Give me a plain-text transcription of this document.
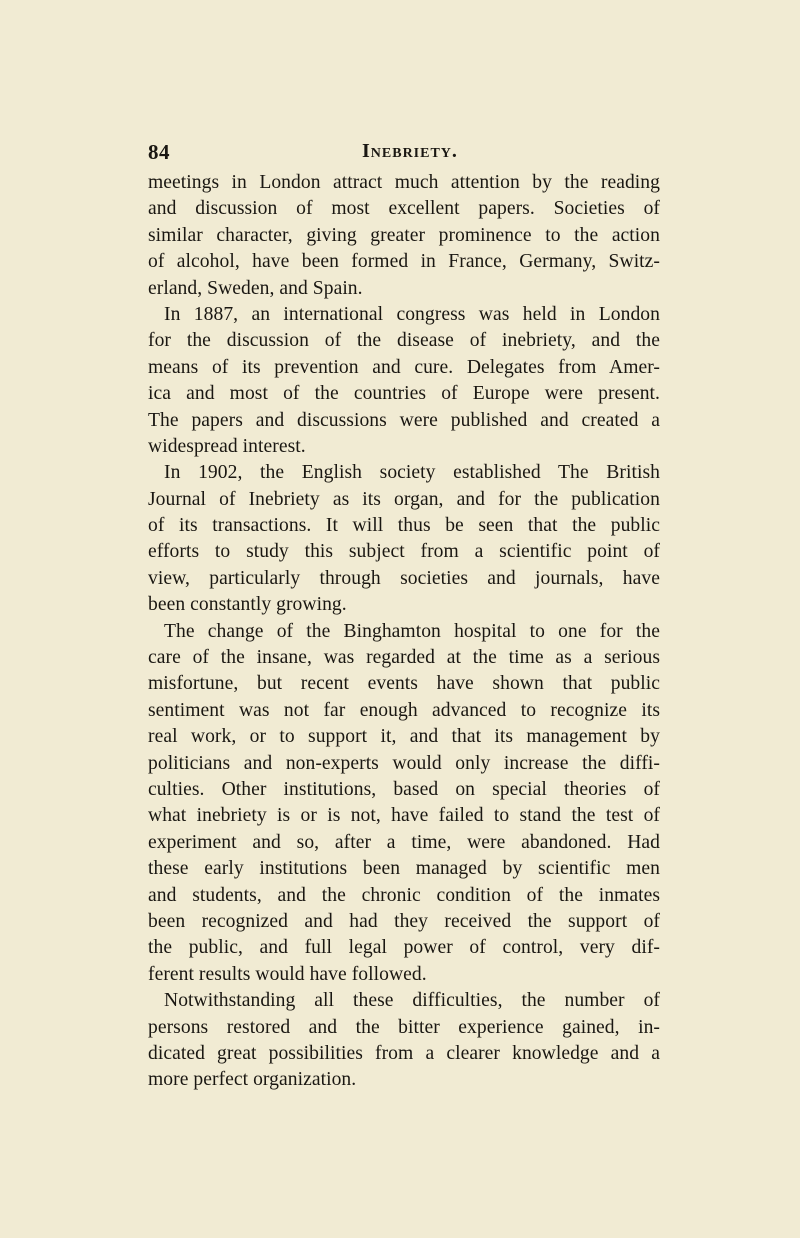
84	Inebriety.
meetings in London attract much attention by the reading
and discussion of most excellent papers. Societies of
similar character, giving greater prominence to the action
of alcohol, have been formed in France, Germany, Switz-
erland, Sweden, and Spain.
In 1887, an international congress was held in London
for the discussion of the disease of inebriety, and the
means of its prevention and cure. Delegates from Amer-
ica and most of the countries of Europe were present.
The papers and discussions were published and created a
widespread interest.
In 1902, the English society established The British
Journal of Inebriety as its organ, and for the publication
of its transactions. It will thus be seen that the public
efforts to study this subject from a scientific point of
view, particularly through societies and journals, have
been constantly growing.
The change of the Binghamton hospital to one for the
care of the insane, was regarded at the time as a serious
misfortune, but recent events have shown that public
sentiment was not far enough advanced to recognize its
real work, or to support it, and that its management by
politicians and non-experts would only increase the diffi-
culties. Other institutions, based on special theories of
what inebriety is or is not, have failed to stand the test of
experiment and so, after a time, were abandoned. Had
these early institutions been managed by scientific men
and students, and the chronic condition of the inmates
been recognized and had they received the support of
the public, and full legal power of control, very dif-
ferent results would have followed.
Notwithstanding all these difficulties, the number of
persons restored and the bitter experience gained, in-
dicated great possibilities from a clearer knowledge and a
more perfect organization.
